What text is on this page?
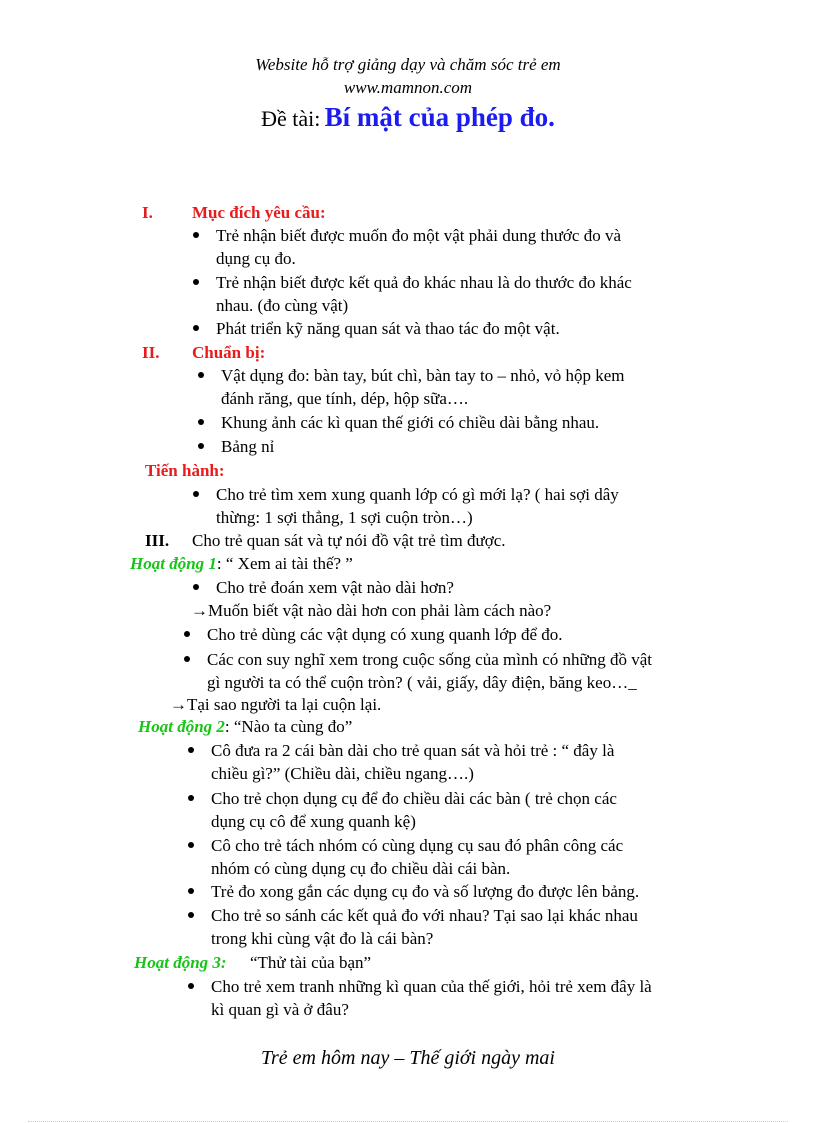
Website hỗ trợ giảng dạy và chăm sóc trẻ em
www.mamnon.com
Đề tài: Bí mật của phép đo.
I. Mục đích yêu cầu:
Trẻ nhận biết được muốn đo một vật phải dung thước đo và
dụng cụ đo.
Trẻ nhận biết được kết quả đo khác nhau là do thước đo khác
nhau. (đo cùng vật)
Phát triển kỹ năng quan sát và thao tác đo một vật.
II. Chuẩn bị:
Vật dụng đo: bàn tay, bút chì, bàn tay to – nhỏ, vỏ hộp kem
đánh răng, que tính, dép, hộp sữa….
Khung ảnh các kì quan thế giới có chiều dài bằng nhau.
Bảng nỉ
Tiến hành:
Cho trẻ tìm xem xung quanh lớp có gì mới lạ? ( hai sợi dây
thừng: 1 sợi thẳng, 1 sợi cuộn tròn…)
III. Cho trẻ quan sát và tự nói đồ vật trẻ tìm được.
Hoạt động 1: “ Xem ai tài thế? ”
Cho trẻ đoán xem vật nào dài hơn?
→Muốn biết vật nào dài hơn con phải làm cách nào?
Cho trẻ dùng các vật dụng có xung quanh lớp để đo.
Các con suy nghĩ xem trong cuộc sống của mình có những đồ vật
gì người ta có thể cuộn tròn? ( vải, giấy, dây điện, băng keo…_
→Tại sao người ta lại cuộn lại.
Hoạt động 2: “Nào ta cùng đo”
Cô đưa ra 2 cái bàn dài cho trẻ quan sát và hỏi trẻ : “ đây là
chiều gì?” (Chiều dài, chiều ngang….)
Cho trẻ chọn dụng cụ để đo chiều dài các bàn ( trẻ chọn các
dụng cụ cô để xung quanh kệ)
Cô cho trẻ tách nhóm có cùng dụng cụ sau đó phân công các
nhóm có cùng dụng cụ đo chiều dài cái bàn.
Trẻ đo xong gắn các dụng cụ đo và số lượng đo được lên bảng.
Cho trẻ so sánh các kết quả đo với nhau? Tại sao lại khác nhau
trong khi cùng vật đo là cái bàn?
Hoạt động 3: “Thử tài của bạn”
Cho trẻ xem tranh những kì quan của thế giới, hỏi trẻ xem đây là
kì quan gì và ở đâu?
Trẻ em hôm nay – Thế giới ngày mai
